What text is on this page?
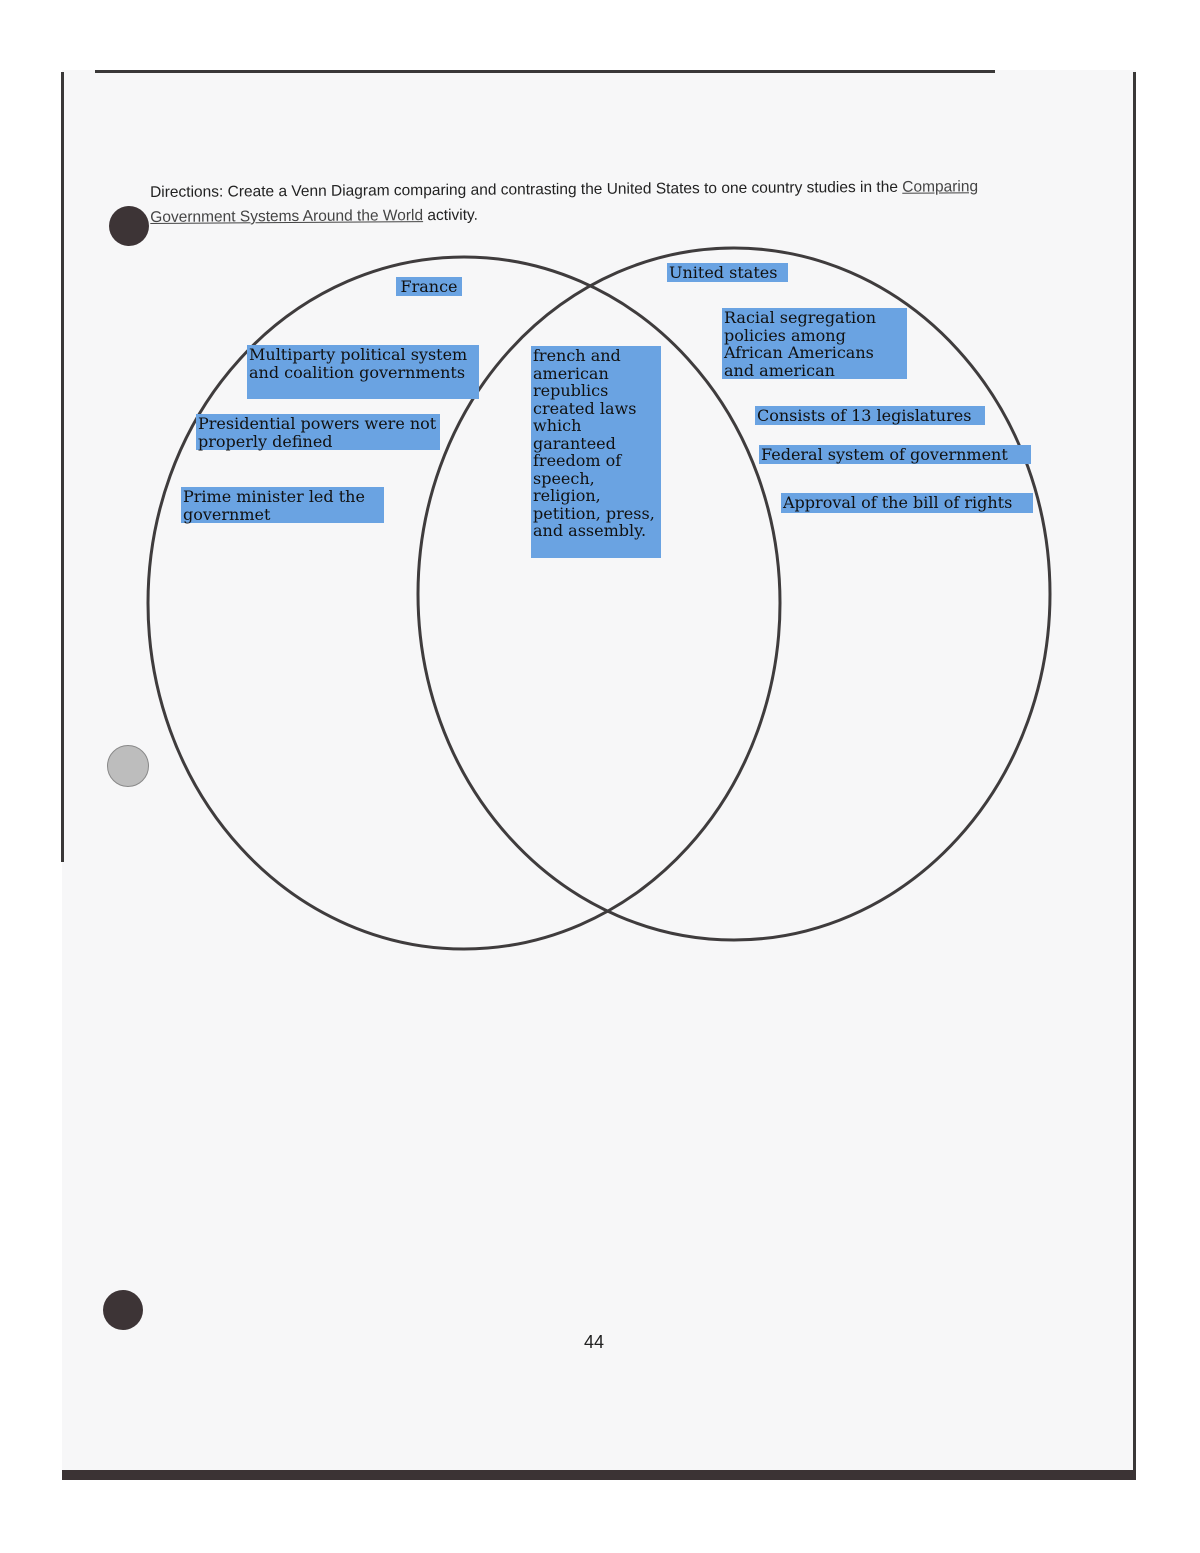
Directions: Create a Venn Diagram comparing and contrasting the United States to one country studies in the Comparing Government Systems Around the World activity.
France
United states
Multiparty political system and coalition governments
Presidential powers were not properly defined
Prime minister led the governmet
french and american republics created laws which garanteed freedom of speech, religion, petition, press, and assembly.
Racial segregation policies among African Americans and american
Consists of 13 legislatures
Federal system of government
Approval of the bill of rights
44
